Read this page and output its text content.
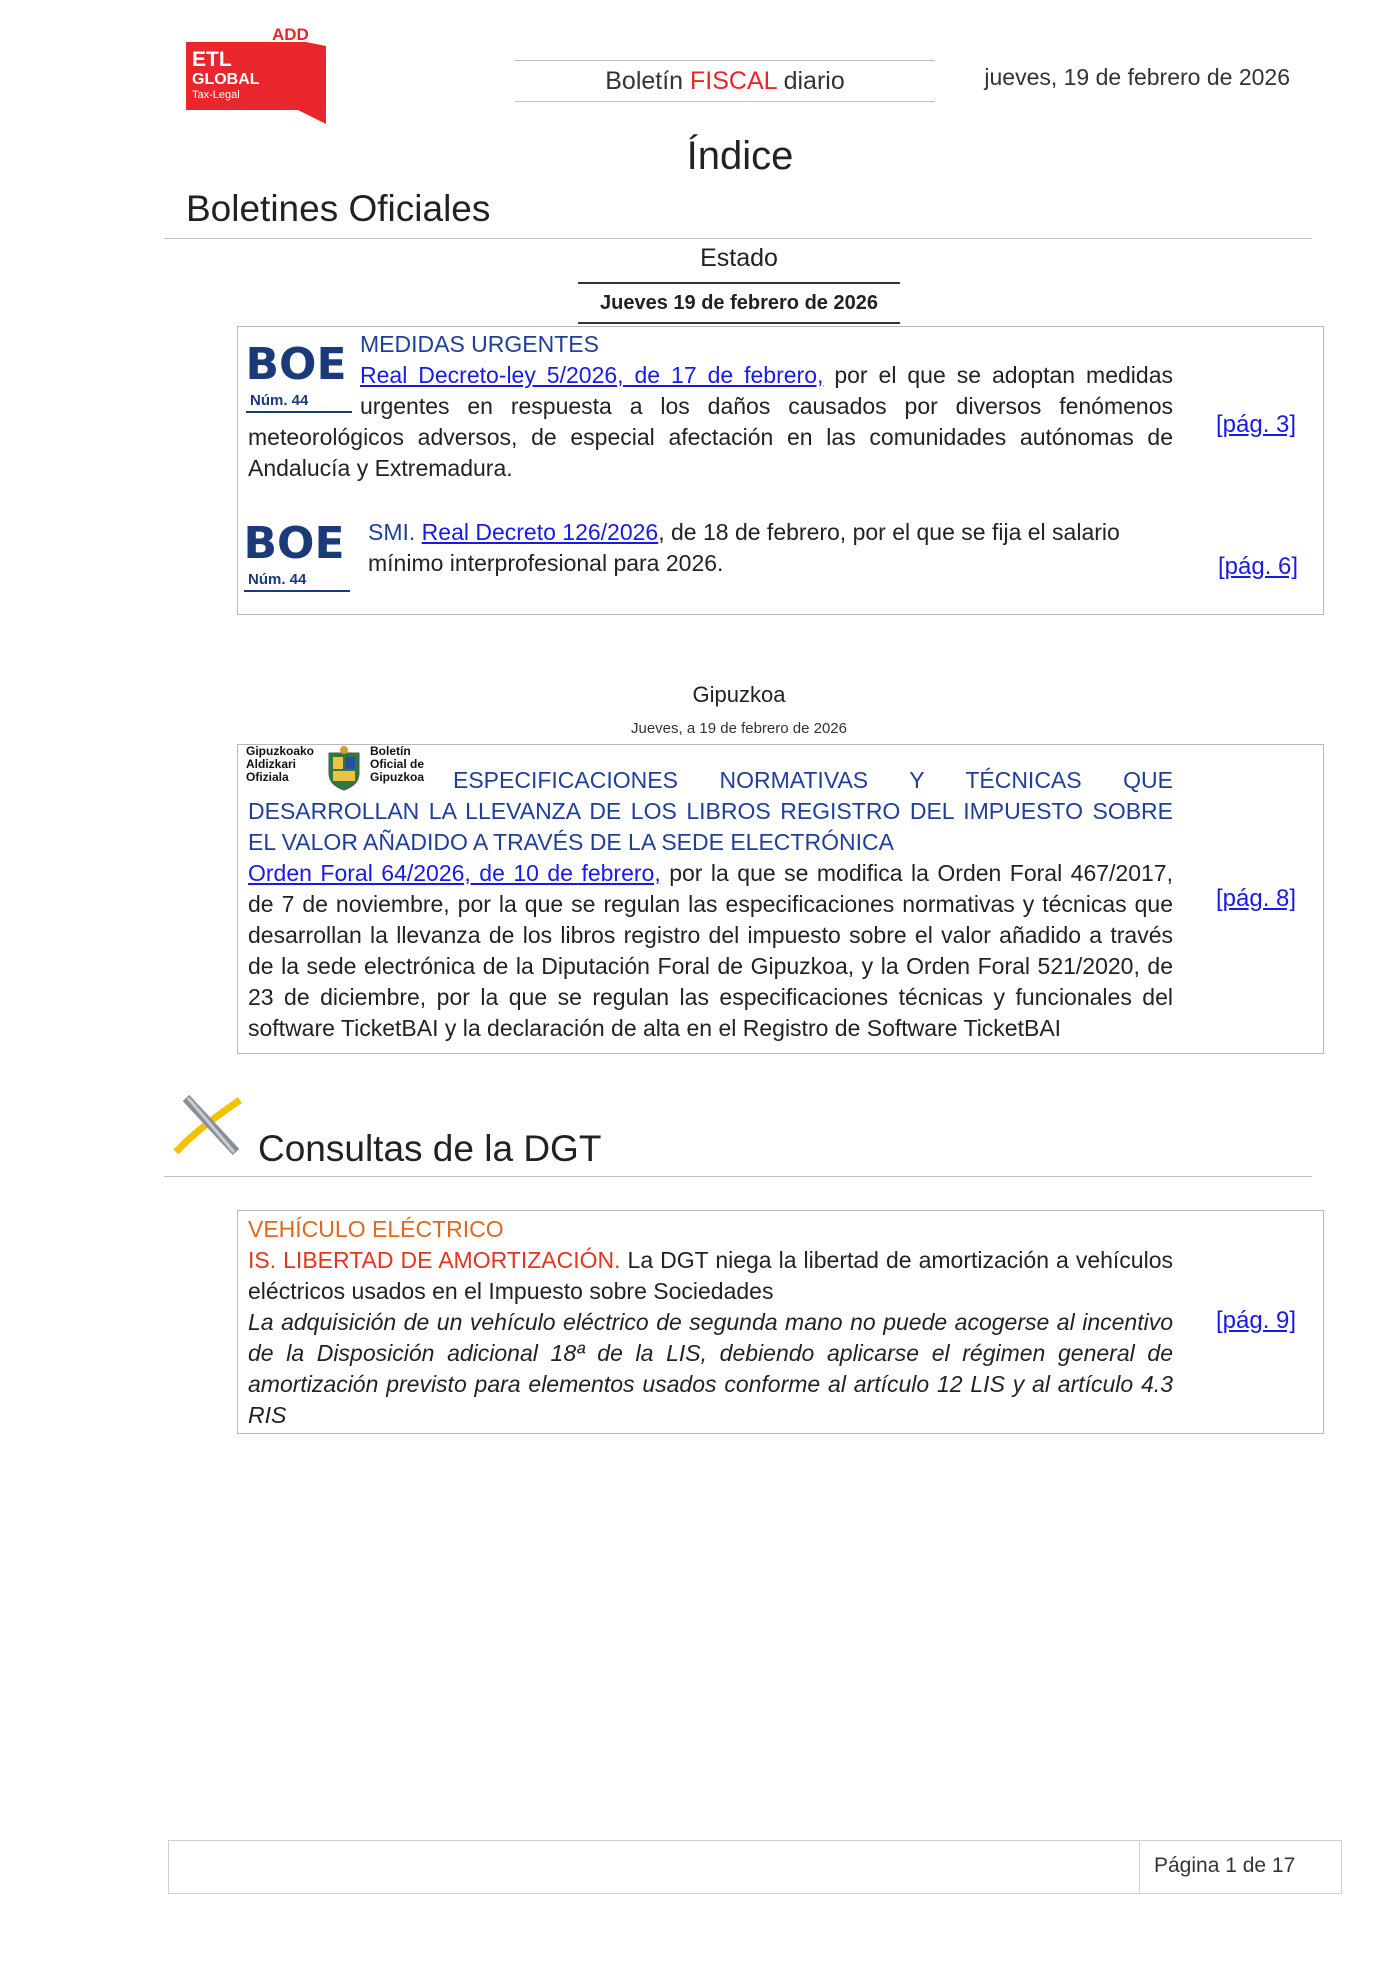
ADD
ETL
GLOBAL
Tax-Legal	Boletín FISCAL diario	jueves, 19 de febrero de 2026
Índice
Boletines Oficiales
Estado
Jueves 19 de febrero de 2026
BOE
Núm. 44
MEDIDAS URGENTES
Real Decreto-ley 5/2026, de 17 de febrero, por el que se adoptan medidas urgentes en respuesta a los daños causados por diversos fenómenos meteorológicos adversos, de especial afectación en las comunidades autónomas de Andalucía y Extremadura.
[pág. 3]
BOE
Núm. 44
SMI. Real Decreto 126/2026, de 18 de febrero, por el que se fija el salario mínimo interprofesional para 2026.	[pág. 6]
Gipuzkoa
Jueves, a 19 de febrero de 2026
Gipuzkoako
Aldizkari
Ofiziala
Boletín
Oficial de
Gipuzkoa	ESPECIFICACIONES NORMATIVAS Y TÉCNICAS QUE DESARROLLAN LA LLEVANZA DE LOS LIBROS REGISTRO DEL IMPUESTO SOBRE EL VALOR AÑADIDO A TRAVÉS DE LA SEDE ELECTRÓNICA
Orden Foral 64/2026, de 10 de febrero, por la que se modifica la Orden Foral 467/2017, de 7 de noviembre, por la que se regulan las especificaciones normativas y técnicas que desarrollan la llevanza de los libros registro del impuesto sobre el valor añadido a través de la sede electrónica de la Diputación Foral de Gipuzkoa, y la Orden Foral 521/2020, de 23 de diciembre, por la que se regulan las especificaciones técnicas y funcionales del software TicketBAI y la declaración de alta en el Registro de Software TicketBAI
[pág. 8]
Consultas de la DGT
VEHÍCULO ELÉCTRICO
IS. LIBERTAD DE AMORTIZACIÓN. La DGT niega la libertad de amortización a vehículos eléctricos usados en el Impuesto sobre Sociedades
La adquisición de un vehículo eléctrico de segunda mano no puede acogerse al incentivo de la Disposición adicional 18ª de la LIS, debiendo aplicarse el régimen general de amortización previsto para elementos usados conforme al artículo 12 LIS y al artículo 4.3 RIS
[pág. 9]
Página 1 de 17
